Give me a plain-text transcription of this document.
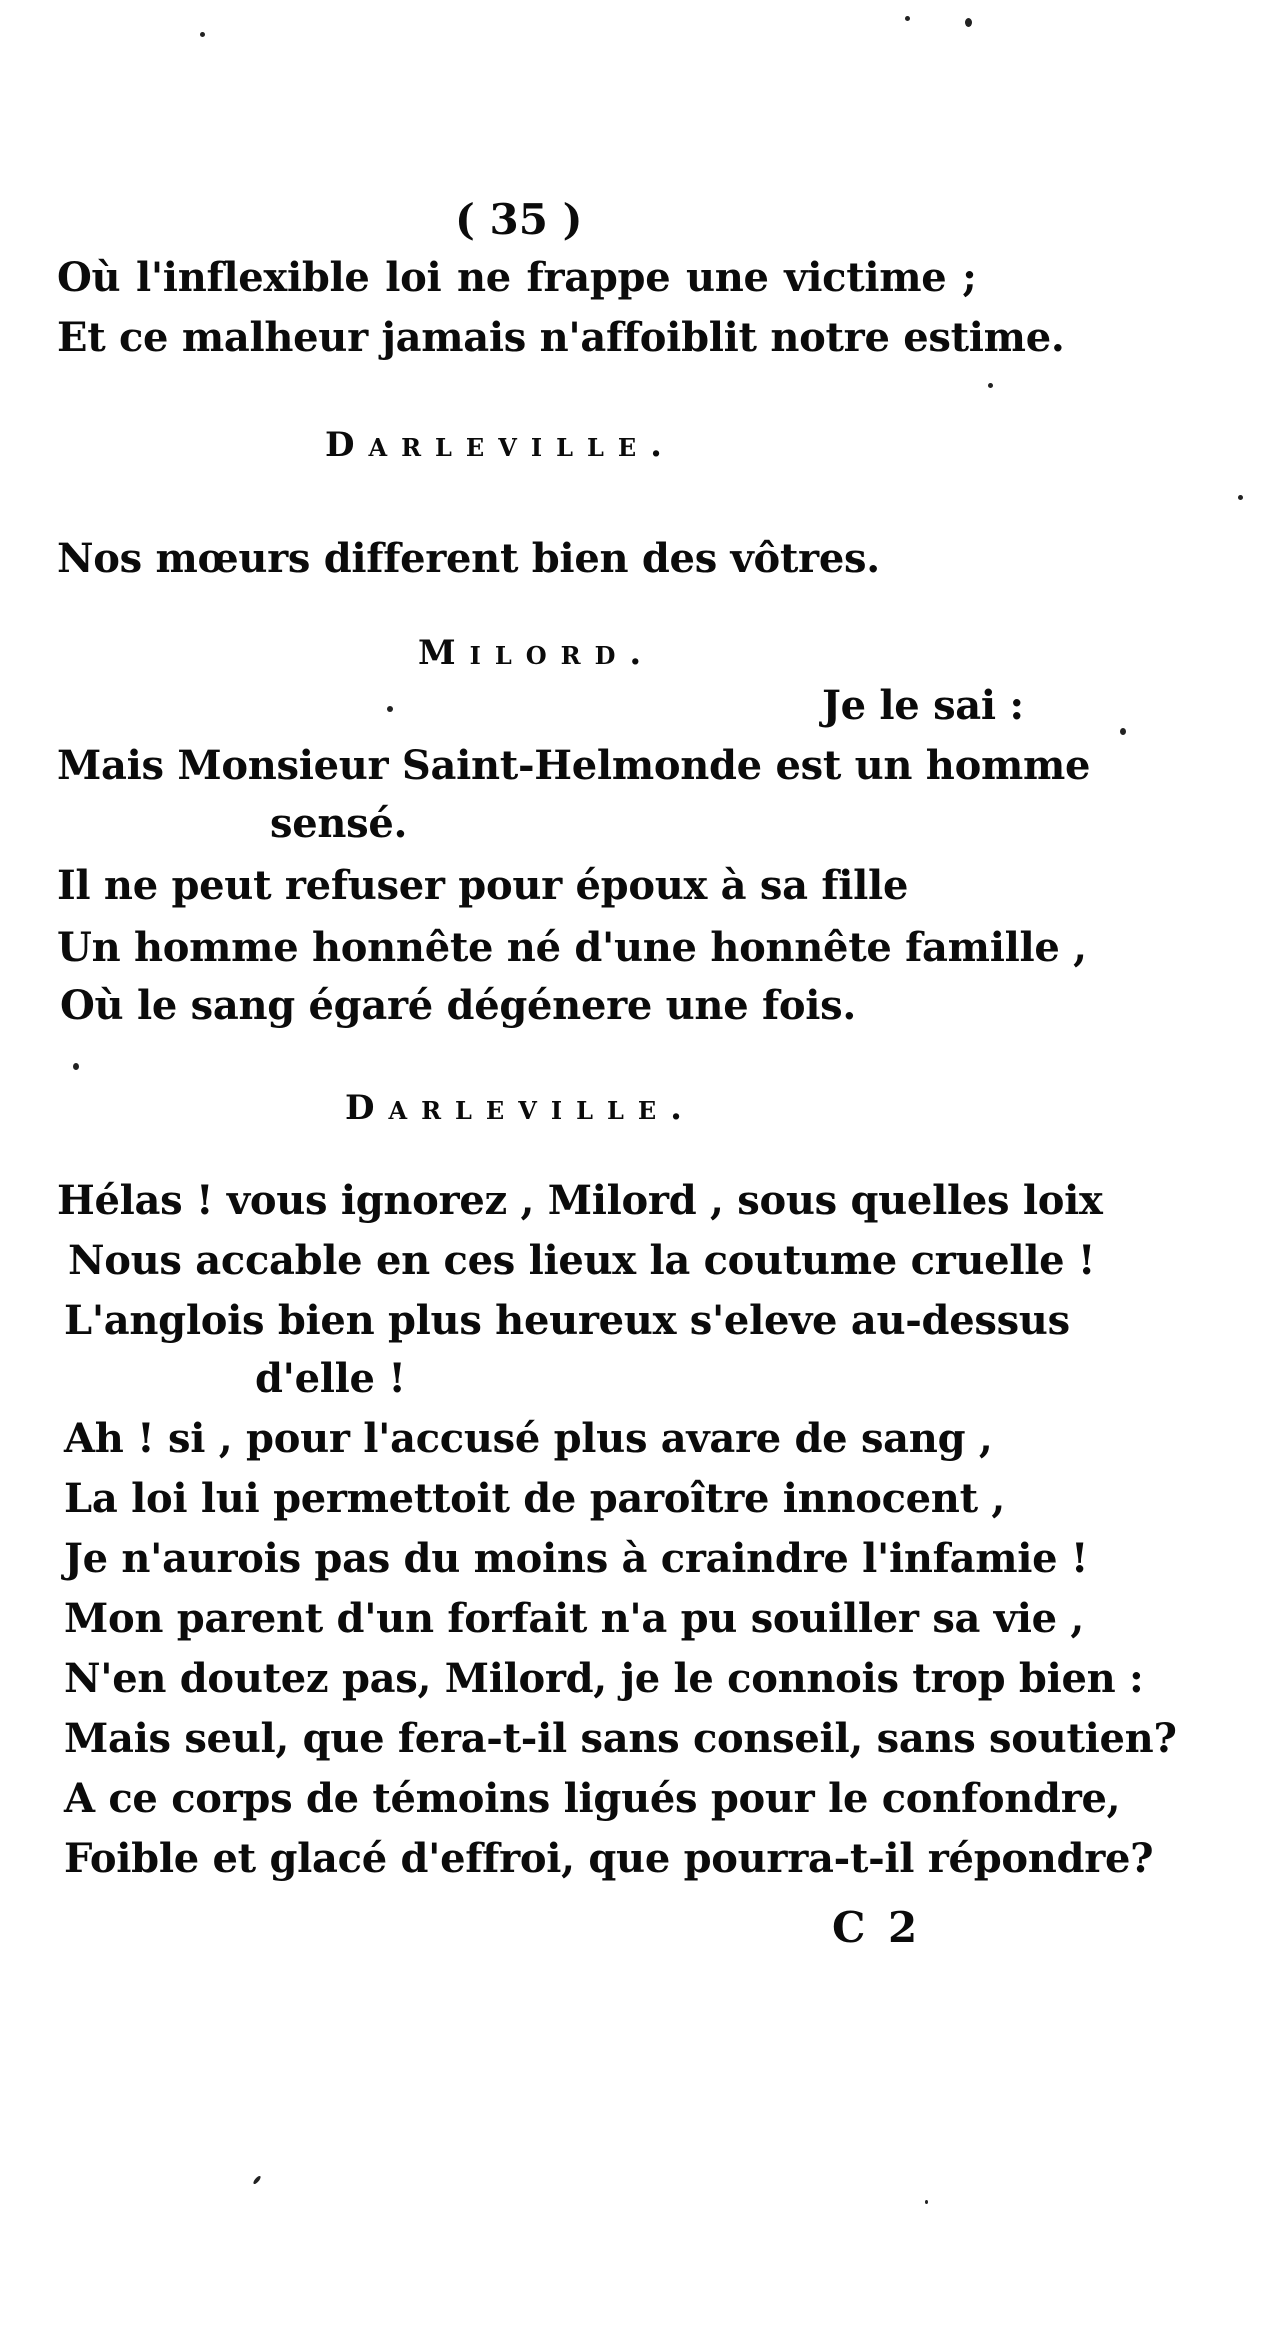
( 35 )
Où l'inflexible loi ne frappe une victime ;
Et ce malheur jamais n'affoiblit notre estime.
Darleville.
Nos mœurs different bien des vôtres.
Milord.
Je le sai :
Mais Monsieur Saint-Helmonde est un homme
sensé.
Il ne peut refuser pour époux à sa fille
Un homme honnête né d'une honnête famille ,
Où le sang égaré dégénere une fois.
Darleville.
Hélas ! vous ignorez , Milord , sous quelles loix
Nous accable en ces lieux la coutume cruelle !
L'anglois bien plus heureux s'eleve au-dessus
d'elle !
Ah ! si , pour l'accusé plus avare de sang ,
La loi lui permettoit de paroître innocent ,
Je n'aurois pas du moins à craindre l'infamie !
Mon parent d'un forfait n'a pu souiller sa vie ,
N'en doutez pas, Milord, je le connois trop bien :
Mais seul, que fera-t-il sans conseil, sans soutien?
A ce corps de témoins ligués pour le confondre,
Foible et glacé d'effroi, que pourra-t-il répondre?
C 2
